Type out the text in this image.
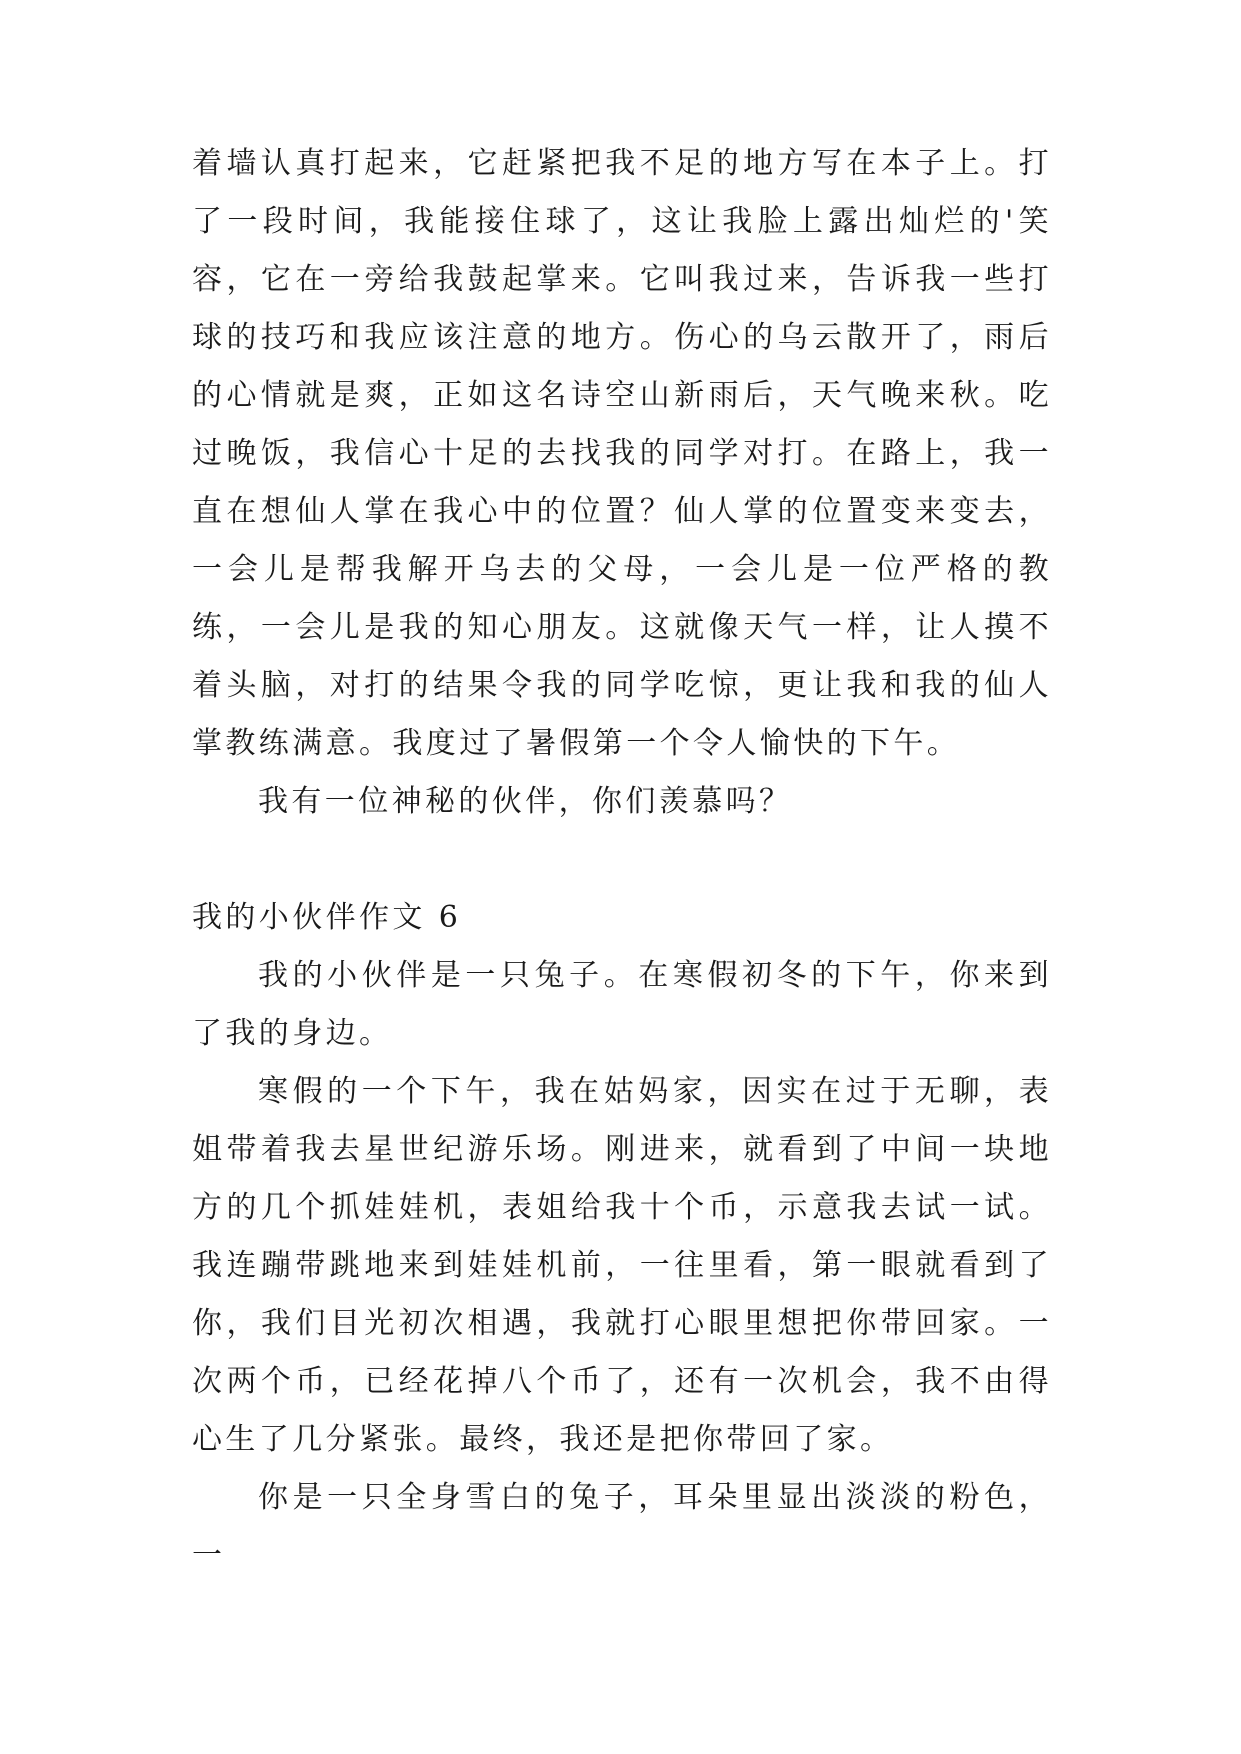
着墙认真打起来，它赶紧把我不足的地方写在本子上。打了一段时间，我能接住球了，这让我脸上露出灿烂的'笑容，它在一旁给我鼓起掌来。它叫我过来，告诉我一些打球的技巧和我应该注意的地方。伤心的乌云散开了，雨后的心情就是爽，正如这名诗空山新雨后，天气晚来秋。吃过晚饭，我信心十足的去找我的同学对打。在路上，我一直在想仙人掌在我心中的位置？仙人掌的位置变来变去，一会儿是帮我解开乌去的父母，一会儿是一位严格的教练，一会儿是我的知心朋友。这就像天气一样，让人摸不着头脑，对打的结果令我的同学吃惊，更让我和我的仙人掌教练满意。我度过了暑假第一个令人愉快的下午。

我有一位神秘的伙伴，你们羡慕吗？

我的小伙伴作文 6

我的小伙伴是一只兔子。在寒假初冬的下午，你来到了我的身边。

寒假的一个下午，我在姑妈家，因实在过于无聊，表姐带着我去星世纪游乐场。刚进来，就看到了中间一块地方的几个抓娃娃机，表姐给我十个币，示意我去试一试。我连蹦带跳地来到娃娃机前，一往里看，第一眼就看到了你，我们目光初次相遇，我就打心眼里想把你带回家。一次两个币，已经花掉八个币了，还有一次机会，我不由得心生了几分紧张。最终，我还是把你带回了家。

你是一只全身雪白的兔子，耳朵里显出淡淡的粉色，一
